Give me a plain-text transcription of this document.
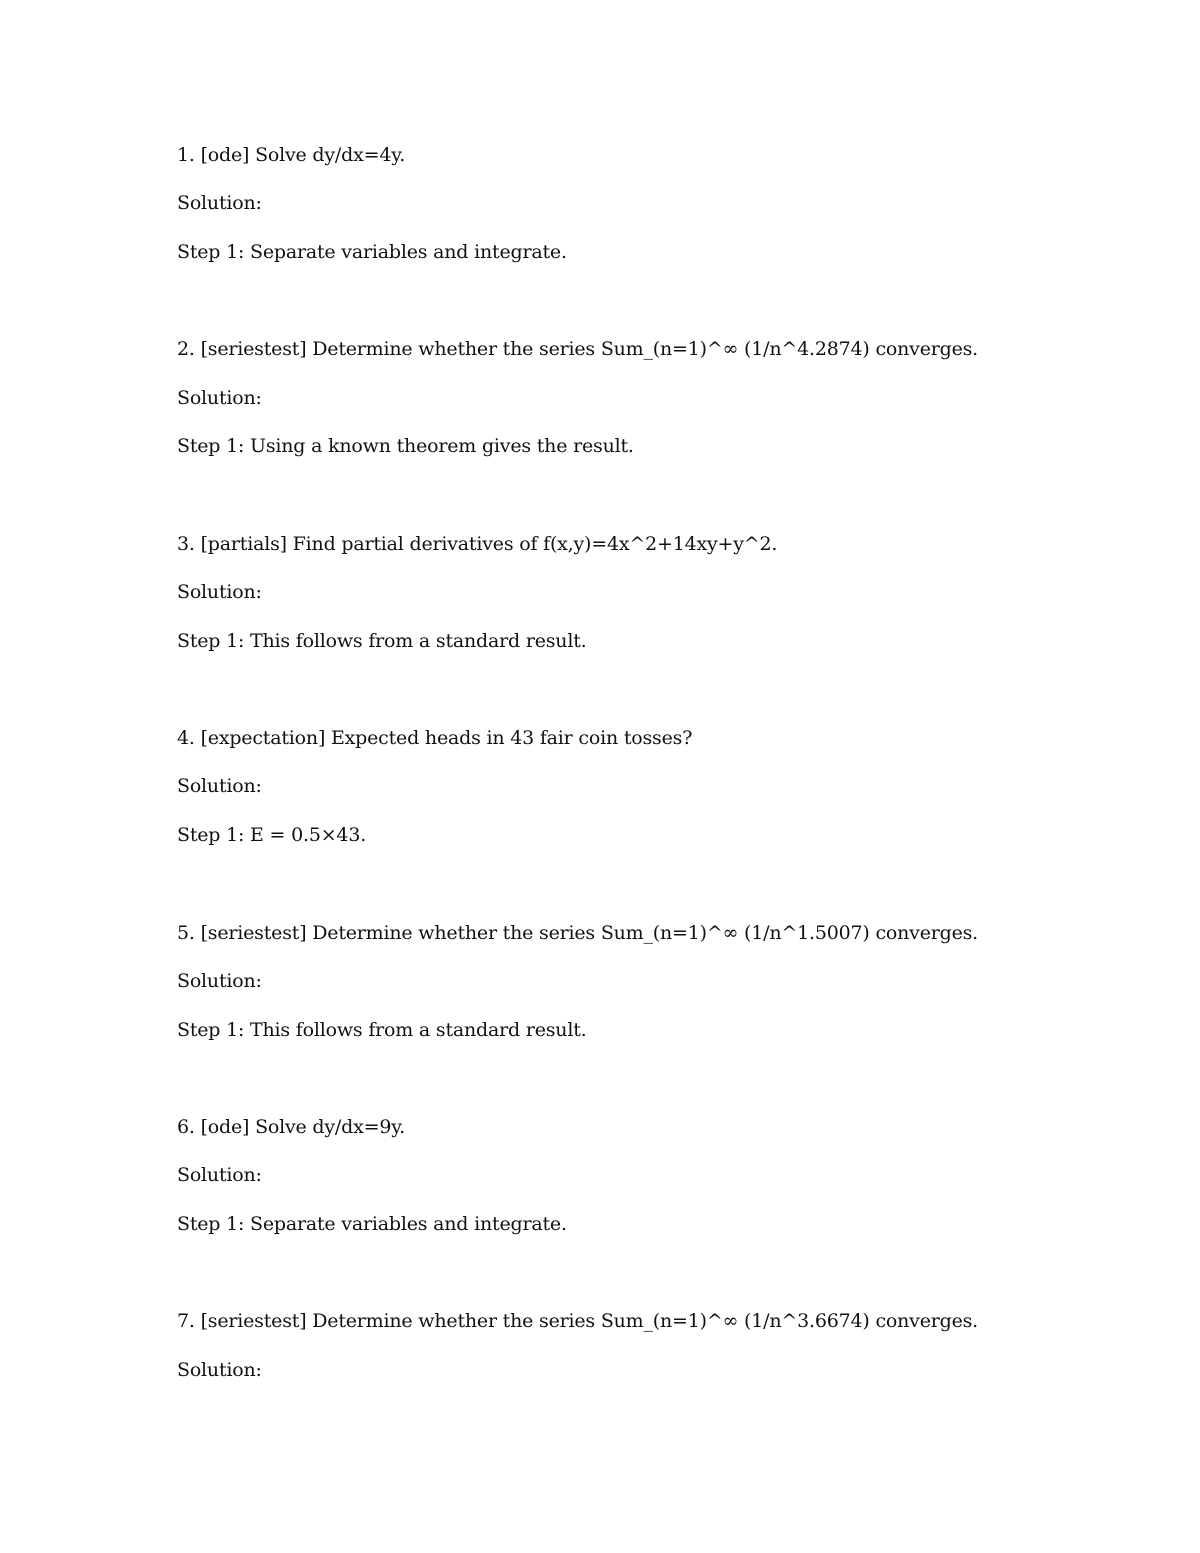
1. [ode] Solve dy/dx=4y.
Solution:
Step 1: Separate variables and integrate.
2. [seriestest] Determine whether the series Sum_(n=1)^∞ (1/n^4.2874) converges.
Solution:
Step 1: Using a known theorem gives the result.
3. [partials] Find partial derivatives of f(x,y)=4x^2+14xy+y^2.
Solution:
Step 1: This follows from a standard result.
4. [expectation] Expected heads in 43 fair coin tosses?
Solution:
Step 1: E = 0.5×43.
5. [seriestest] Determine whether the series Sum_(n=1)^∞ (1/n^1.5007) converges.
Solution:
Step 1: This follows from a standard result.
6. [ode] Solve dy/dx=9y.
Solution:
Step 1: Separate variables and integrate.
7. [seriestest] Determine whether the series Sum_(n=1)^∞ (1/n^3.6674) converges.
Solution:
